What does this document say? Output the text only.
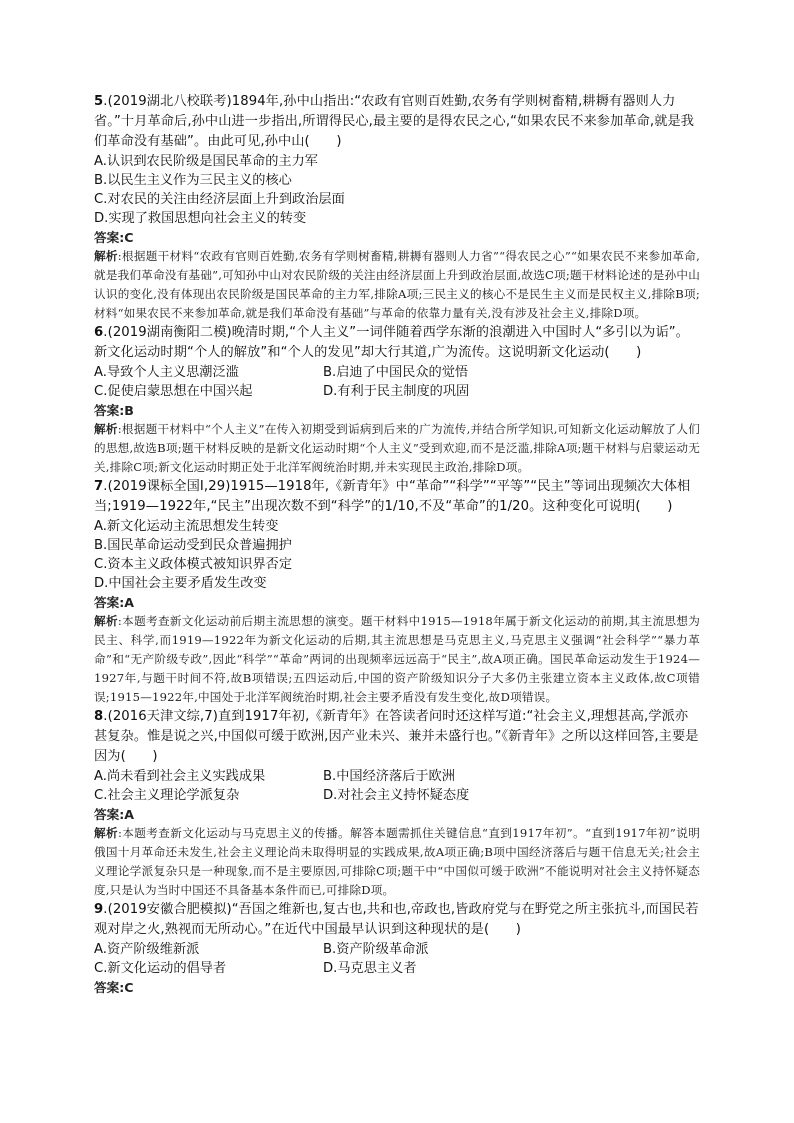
5.(2019湖北八校联考)1894年,孙中山指出:“农政有官则百姓勤,农务有学则树畜精,耕耨有器则人力省。”十月革命后,孙中山进一步指出,所谓得民心,最主要的是得农民之心,“如果农民不来参加革命,就是我们革命没有基础”。由此可见,孙中山(　　)

A.认识到农民阶级是国民革命的主力军

B.以民生主义作为三民主义的核心

C.对农民的关注由经济层面上升到政治层面

D.实现了救国思想向社会主义的转变

答案:C

解析:根据题干材料“农政有官则百姓勤,农务有学则树畜精,耕耨有器则人力省”“得农民之心”“如果农民不来参加革命,就是我们革命没有基础”,可知孙中山对农民阶级的关注由经济层面上升到政治层面,故选C项;题干材料论述的是孙中山认识的变化,没有体现出农民阶级是国民革命的主力军,排除A项;三民主义的核心不是民生主义而是民权主义,排除B项;材料“如果农民不来参加革命,就是我们革命没有基础”与革命的依靠力量有关,没有涉及社会主义,排除D项。

6.(2019湖南衡阳二模)晚清时期,“个人主义”一词伴随着西学东渐的浪潮进入中国时人“多引以为诟”。新文化运动时期“个人的解放”和“个人的发见”却大行其道,广为流传。这说明新文化运动(　　)

A.导致个人主义思潮泛滥	B.启迪了中国民众的觉悟
C.促使启蒙思想在中国兴起	D.有利于民主制度的巩固

答案:B

解析:根据题干材料中“个人主义”在传入初期受到诟病到后来的广为流传,并结合所学知识,可知新文化运动解放了人们的思想,故选B项;题干材料反映的是新文化运动时期“个人主义”受到欢迎,而不是泛滥,排除A项;题干材料与启蒙运动无关,排除C项;新文化运动时期正处于北洋军阀统治时期,并未实现民主政治,排除D项。

7.(2019课标全国Ⅰ,29)1915—1918年,《新青年》中“革命”“科学”“平等”“民主”等词出现频次大体相当;1919—1922年,“民主”出现次数不到“科学”的1/10,不及“革命”的1/20。这种变化可说明(　　)

A.新文化运动主流思想发生转变

B.国民革命运动受到民众普遍拥护

C.资本主义政体模式被知识界否定

D.中国社会主要矛盾发生改变

答案:A

解析:本题考查新文化运动前后期主流思想的演变。题干材料中1915—1918年属于新文化运动的前期,其主流思想为民主、科学,而1919—1922年为新文化运动的后期,其主流思想是马克思主义,马克思主义强调“社会科学”“暴力革命”和“无产阶级专政”,因此“科学”“革命”两词的出现频率远远高于“民主”,故A项正确。国民革命运动发生于1924—1927年,与题干时间不符,故B项错误;五四运动后,中国的资产阶级知识分子大多仍主张建立资本主义政体,故C项错误;1915—1922年,中国处于北洋军阀统治时期,社会主要矛盾没有发生变化,故D项错误。

8.(2016天津文综,7)直到1917年初,《新青年》在答读者问时还这样写道:“社会主义,理想甚高,学派亦甚复杂。惟是说之兴,中国似可缓于欧洲,因产业未兴、兼并未盛行也。”《新青年》之所以这样回答,主要是因为(　　)

A.尚未看到社会主义实践成果	B.中国经济落后于欧洲
C.社会主义理论学派复杂	D.对社会主义持怀疑态度

答案:A

解析:本题考查新文化运动与马克思主义的传播。解答本题需抓住关键信息“直到1917年初”。“直到1917年初”说明俄国十月革命还未发生,社会主义理论尚未取得明显的实践成果,故A项正确;B项中国经济落后与题干信息无关;社会主义理论学派复杂只是一种现象,而不是主要原因,可排除C项;题干中“中国似可缓于欧洲”不能说明对社会主义持怀疑态度,只是认为当时中国还不具备基本条件而已,可排除D项。

9.(2019安徽合肥模拟)“吾国之维新也,复古也,共和也,帝政也,皆政府党与在野党之所主张抗斗,而国民若观对岸之火,熟视而无所动心。”在近代中国最早认识到这种现状的是(　　)

A.资产阶级维新派	B.资产阶级革命派
C.新文化运动的倡导者	D.马克思主义者

答案:C
